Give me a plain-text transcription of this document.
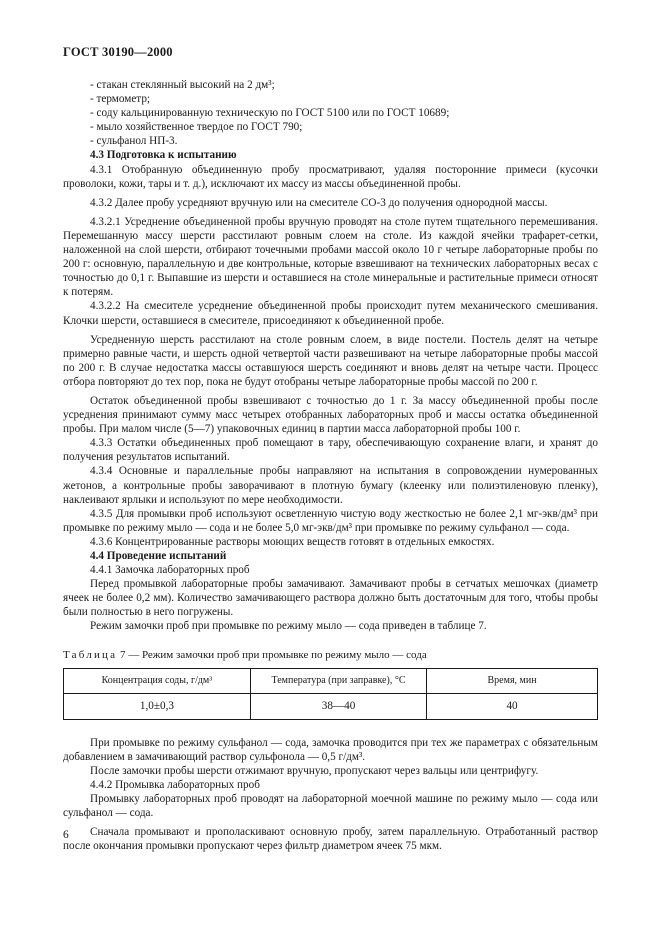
ГОСТ 30190—2000

- стакан стеклянный высокий на 2 дм³;

- термометр;

- соду кальцинированную техническую по ГОСТ 5100 или по ГОСТ 10689;

- мыло хозяйственное твердое по ГОСТ 790;

- сульфанол НП-3.

4.3 Подготовка к испытанию

4.3.1 Отобранную объединенную пробу просматривают, удаляя посторонние примеси (кусочки проволоки, кожи, тары и т. д.), исключают их массу из массы объединенной пробы.

4.3.2 Далее пробу усредняют вручную или на смесителе СО-3 до получения однородной массы.

4.3.2.1 Усреднение объединенной пробы вручную проводят на столе путем тщательного перемешивания. Перемешанную массу шерсти расстилают ровным слоем на столе. Из каждой ячейки трафарет-сетки, наложенной на слой шерсти, отбирают точечными пробами массой около 10 г четыре лабораторные пробы по 200 г: основную, параллельную и две контрольные, которые взвешивают на технических лабораторных весах с точностью до 0,1 г. Выпавшие из шерсти и оставшиеся на столе минеральные и растительные примеси относят к потерям.

4.3.2.2 На смесителе усреднение объединенной пробы происходит путем механического смешивания. Клочки шерсти, оставшиеся в смесителе, присоединяют к объединенной пробе.

Усредненную шерсть расстилают на столе ровным слоем, в виде постели. Постель делят на четыре примерно равные части, и шерсть одной четвертой части развешивают на четыре лабораторные пробы массой по 200 г. В случае недостатка массы оставшуюся шерсть соединяют и вновь делят на четыре части. Процесс отбора повторяют до тех пор, пока не будут отобраны четыре лабораторные пробы массой по 200 г.

Остаток объединенной пробы взвешивают с точностью до 1 г. За массу объединенной пробы после усреднения принимают сумму масс четырех отобранных лабораторных проб и массы остатка объединенной пробы. При малом числе (5—7) упаковочных единиц в партии масса лабораторной пробы 100 г.

4.3.3 Остатки объединенных проб помещают в тару, обеспечивающую сохранение влаги, и хранят до получения результатов испытаний.

4.3.4 Основные и параллельные пробы направляют на испытания в сопровождении нумерованных жетонов, а контрольные пробы заворачивают в плотную бумагу (клеенку или полиэтиленовую пленку), наклеивают ярлыки и используют по мере необходимости.

4.3.5 Для промывки проб используют осветленную чистую воду жесткостью не более 2,1 мг-экв/дм³ при промывке по режиму мыло — сода и не более 5,0 мг-экв/дм³ при промывке по режиму сульфанол — сода.

4.3.6 Концентрированные растворы моющих веществ готовят в отдельных емкостях.

4.4 Проведение испытаний

4.4.1 Замочка лабораторных проб

Перед промывкой лабораторные пробы замачивают. Замачивают пробы в сетчатых мешочках (диаметр ячеек не более 0,2 мм). Количество замачивающего раствора должно быть достаточным для того, чтобы пробы были полностью в него погружены.

Режим замочки проб при промывке по режиму мыло — сода приведен в таблице 7.

Таблица 7 — Режим замочки проб при промывке по режиму мыло — сода
Концентрация соды, г/дм³	Температура (при заправке), °С	Время, мин
1,0±0,3	38—40	40

При промывке по режиму сульфанол — сода, замочка проводится при тех же параметрах с обязательным добавлением в замачивающий раствор сульфонола — 0,5 г/дм³.

После замочки пробы шерсти отжимают вручную, пропускают через вальцы или центрифугу.

4.4.2 Промывка лабораторных проб

Промывку лабораторных проб проводят на лабораторной моечной машине по режиму мыло — сода или сульфанол — сода.

Сначала промывают и прополаскивают основную пробу, затем параллельную. Отработанный раствор после окончания промывки пропускают через фильтр диаметром ячеек 75 мкм.

6
